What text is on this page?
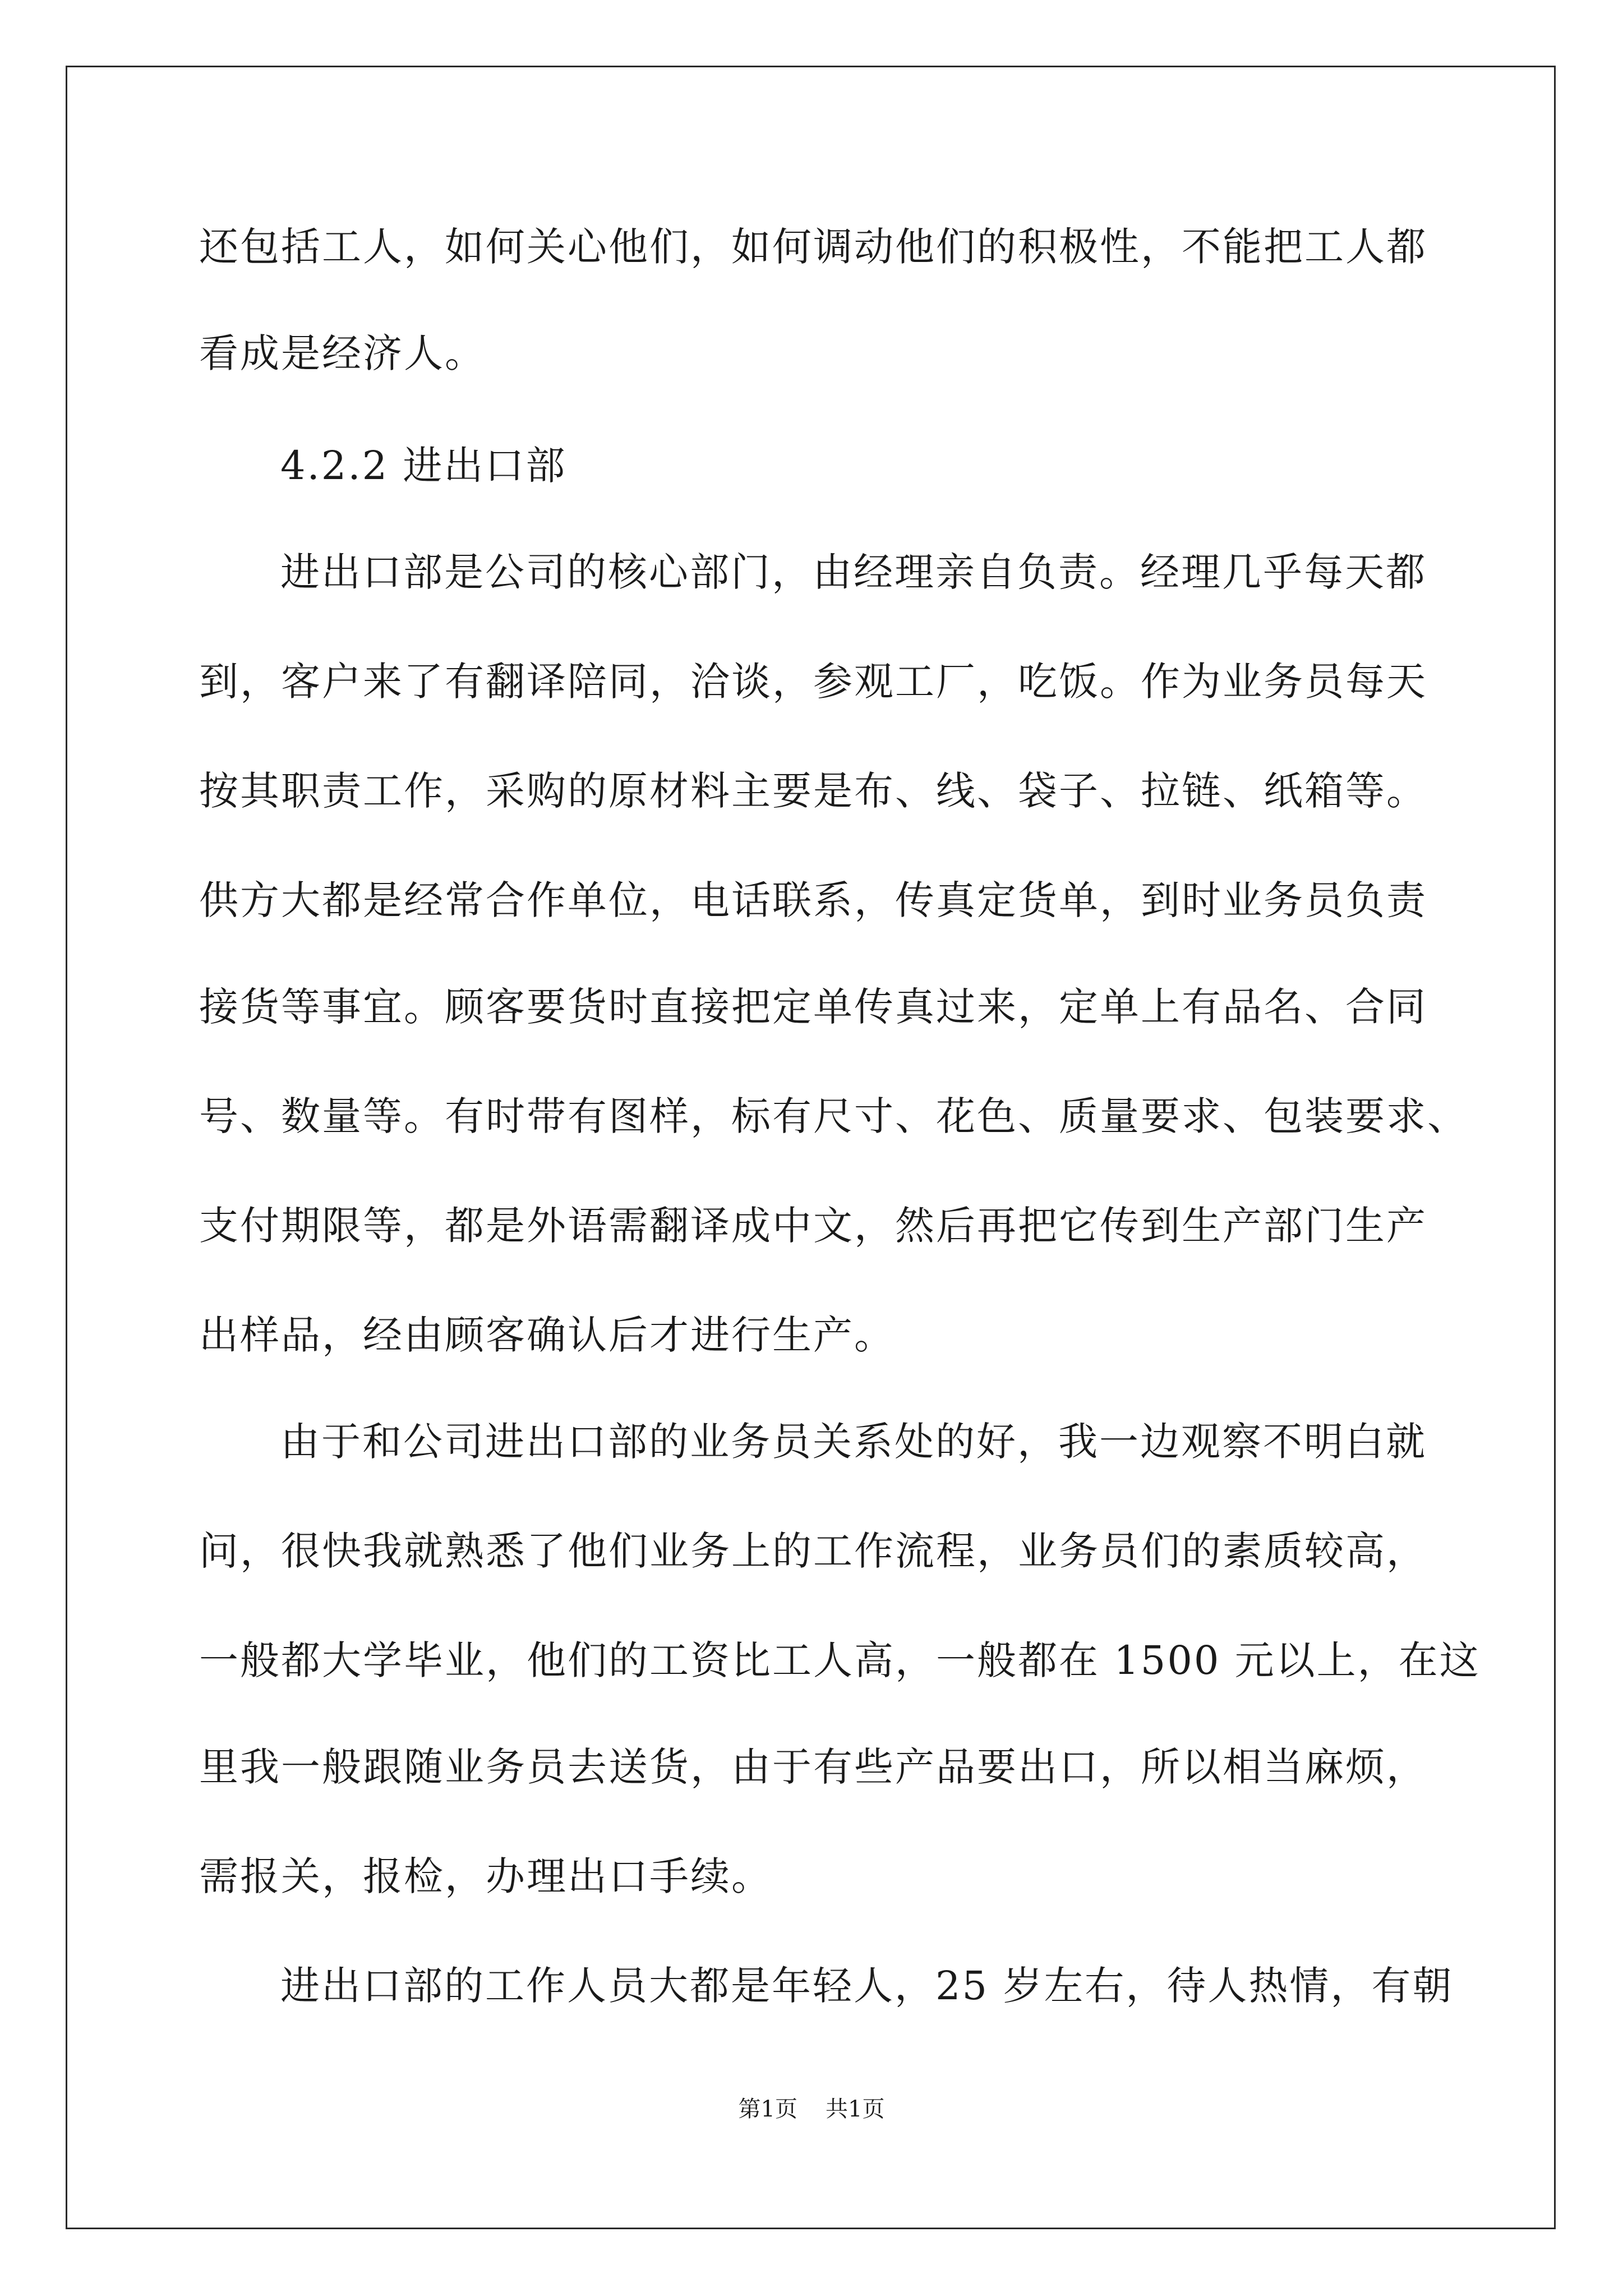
还包括工人，如何关心他们，如何调动他们的积极性，不能把工人都
看成是经济人。
4.2.2 进出口部
进出口部是公司的核心部门，由经理亲自负责。经理几乎每天都
到，客户来了有翻译陪同，洽谈，参观工厂，吃饭。作为业务员每天
按其职责工作，采购的原材料主要是布、线、袋子、拉链、纸箱等。
供方大都是经常合作单位，电话联系，传真定货单，到时业务员负责
接货等事宜。顾客要货时直接把定单传真过来，定单上有品名、合同
号、数量等。有时带有图样，标有尺寸、花色、质量要求、包装要求、
支付期限等，都是外语需翻译成中文，然后再把它传到生产部门生产
出样品，经由顾客确认后才进行生产。
由于和公司进出口部的业务员关系处的好，我一边观察不明白就
问，很快我就熟悉了他们业务上的工作流程，业务员们的素质较高，
一般都大学毕业，他们的工资比工人高，一般都在 1500 元以上，在这
里我一般跟随业务员去送货，由于有些产品要出口，所以相当麻烦，
需报关，报检，办理出口手续。
进出口部的工作人员大都是年轻人，25 岁左右，待人热情，有朝
第1页 共1页
